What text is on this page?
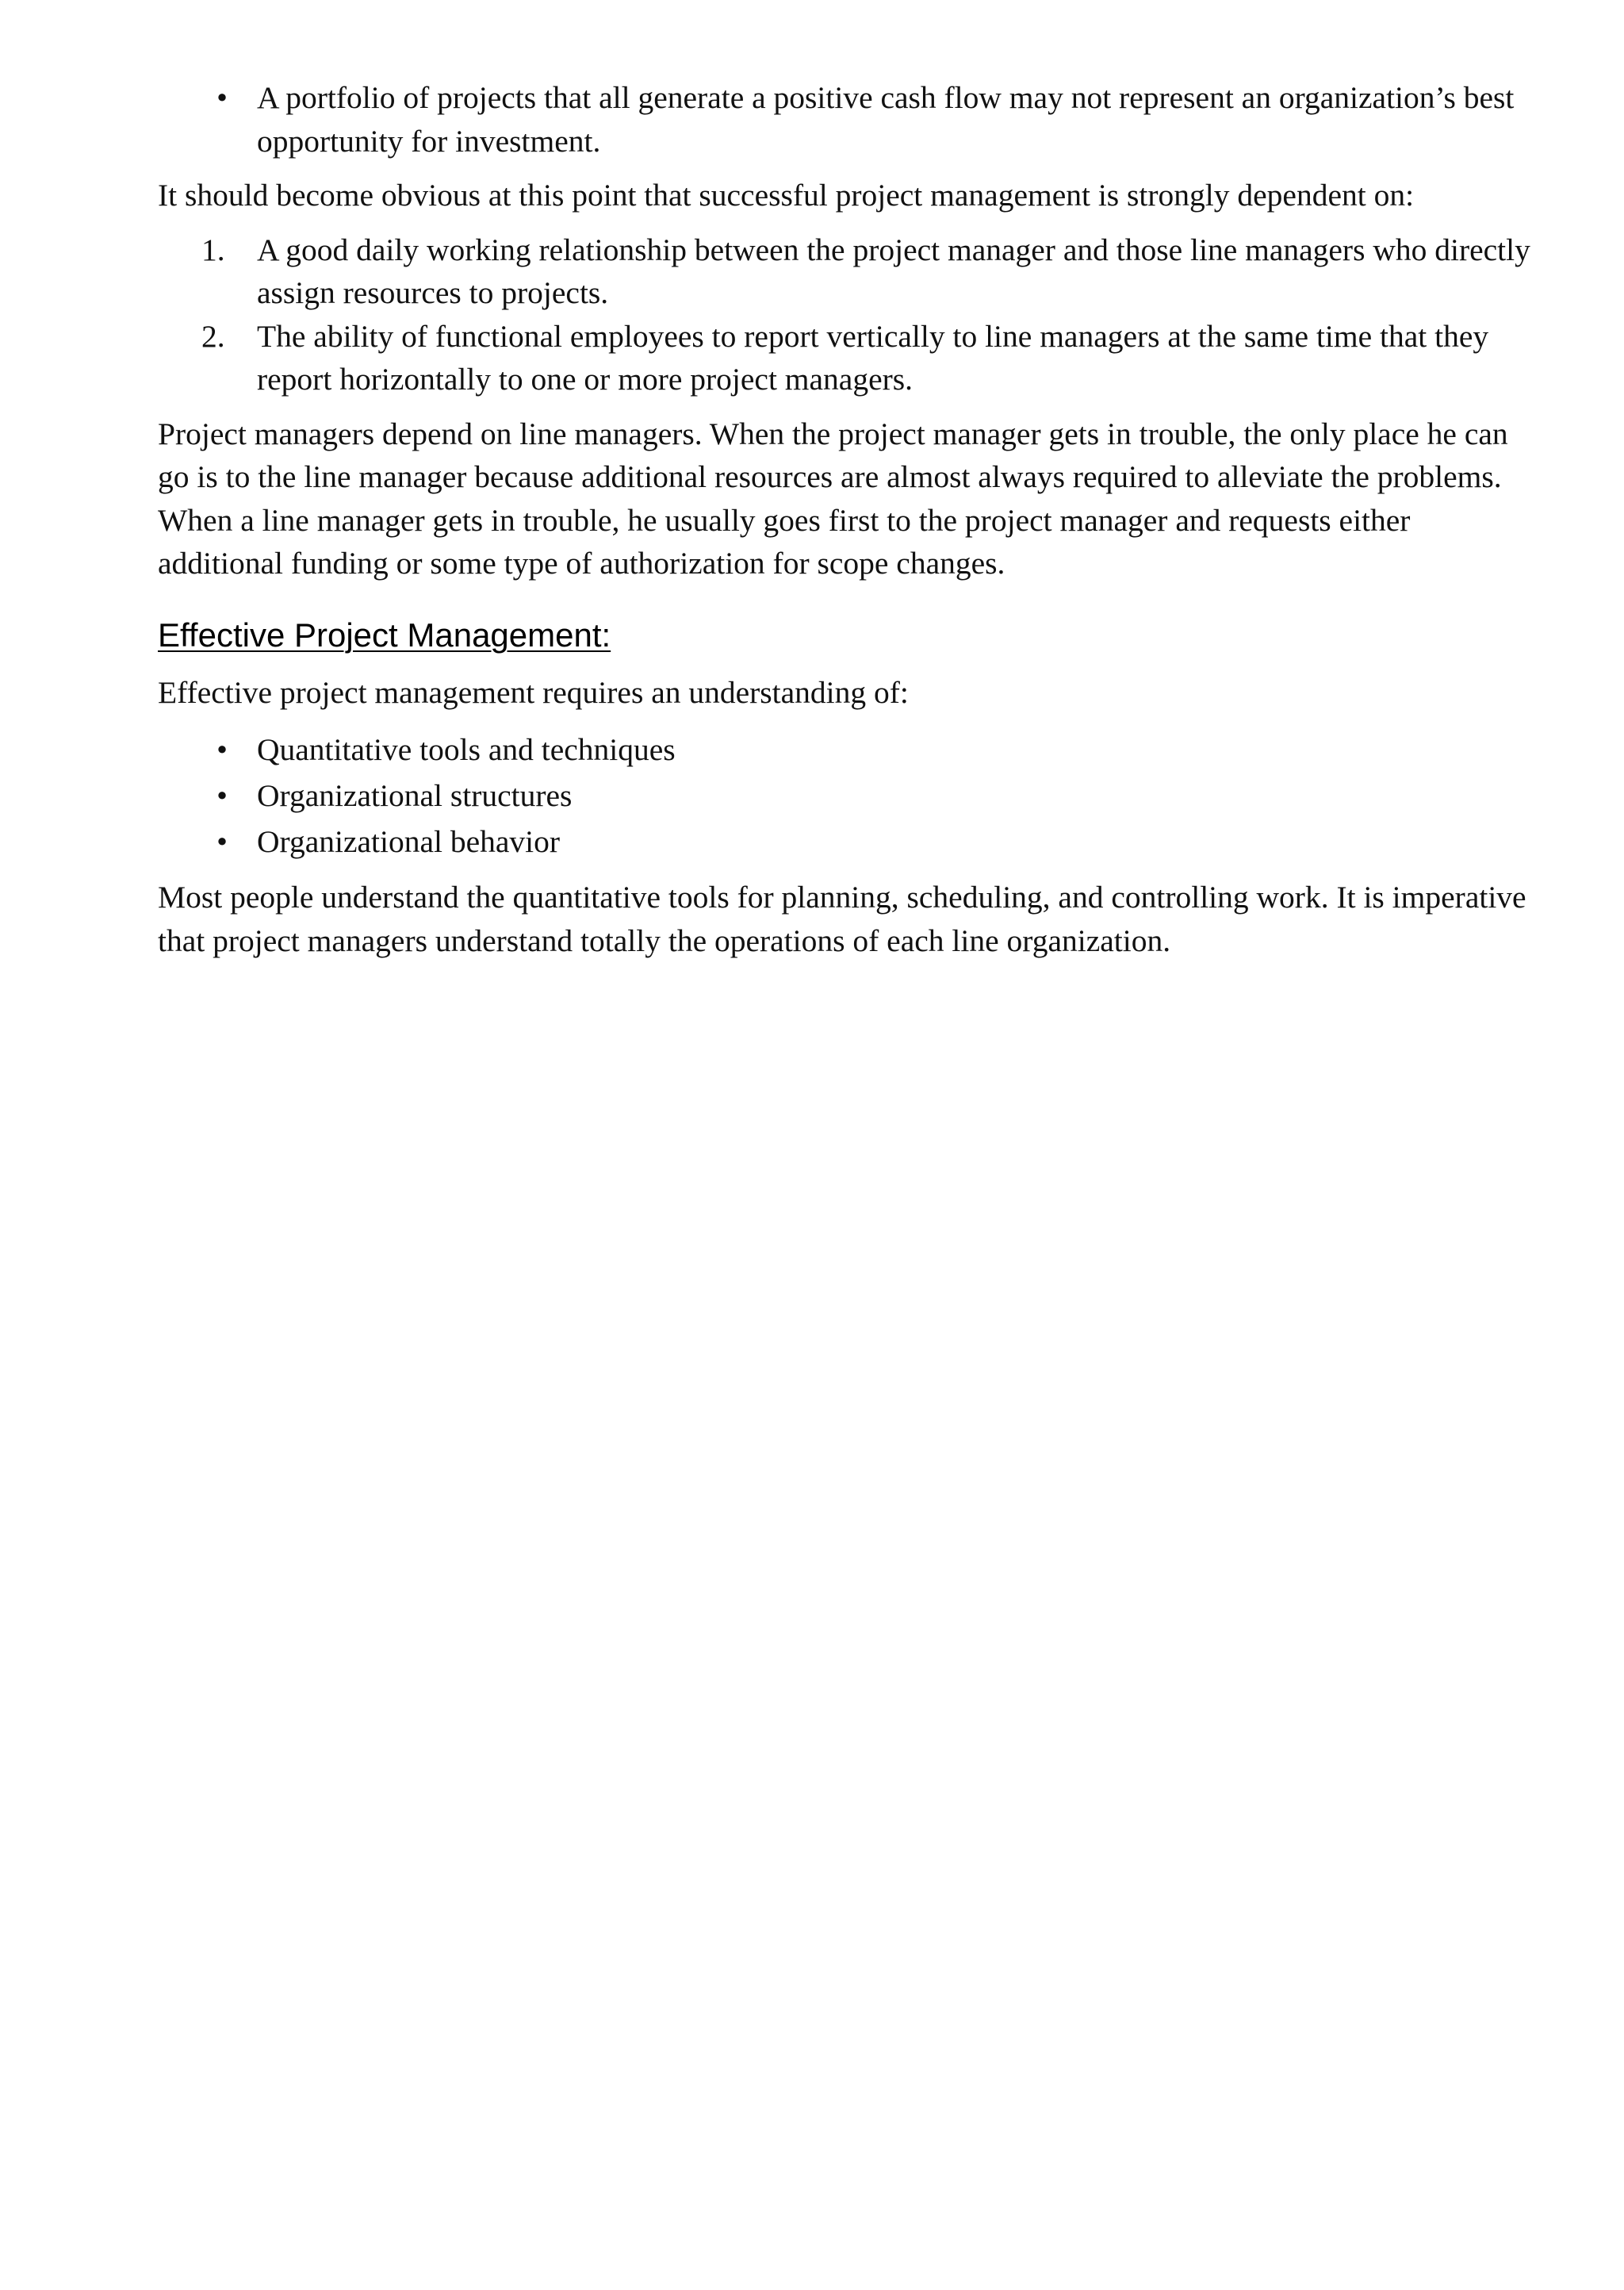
• A portfolio of projects that all generate a positive cash flow may not represent an organization’s best opportunity for investment.

It should become obvious at this point that successful project management is strongly dependent on:

1.	A good daily working relationship between the project manager and those line managers who directly assign resources to projects.
2.	The ability of functional employees to report vertically to line managers at the same time that they report horizontally to one or more project managers.

Project managers depend on line managers. When the project manager gets in trouble, the only place he can go is to the line manager because additional resources are almost always required to alleviate the problems. When a line manager gets in trouble, he usually goes first to the project manager and requests either additional funding or some type of authorization for scope changes.

Effective Project Management:

Effective project management requires an understanding of:

• Quantitative tools and techniques
• Organizational structures
• Organizational behavior

Most people understand the quantitative tools for planning, scheduling, and controlling work. It is imperative that project managers understand totally the operations of each line organization.
